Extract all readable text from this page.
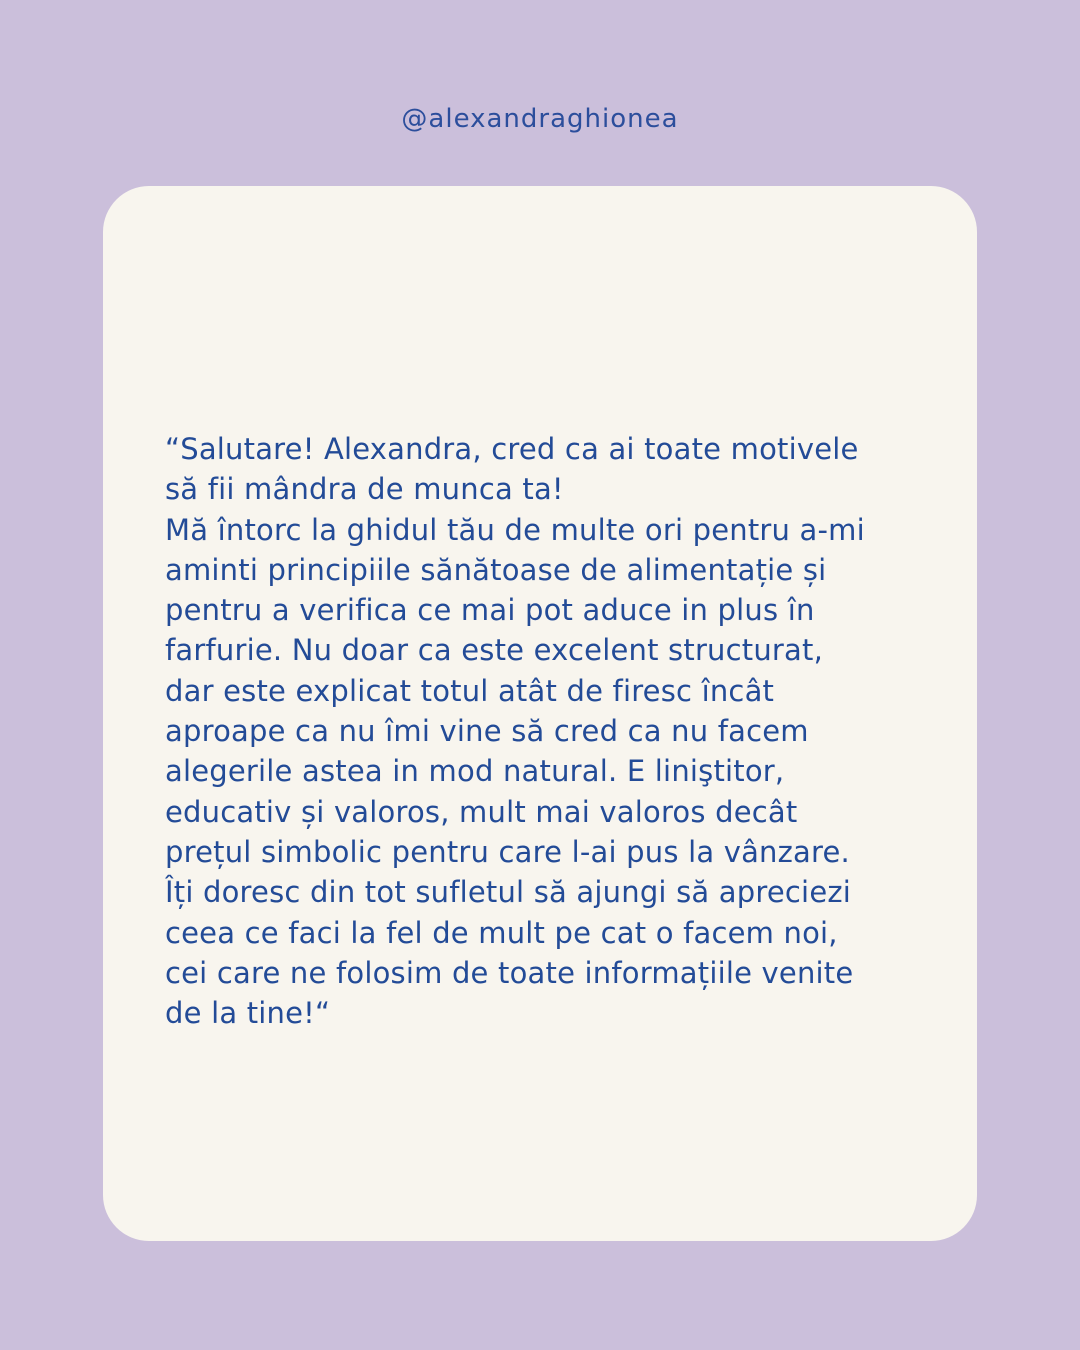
@alexandraghionea

“Salutare! Alexandra, cred ca ai toate motivele
să fii mândra de munca ta!
Mă întorc la ghidul tău de multe ori pentru a-mi
aminti principiile sănătoase de alimentație și
pentru a verifica ce mai pot aduce in plus în
farfurie. Nu doar ca este excelent structurat,
dar este explicat totul atât de firesc încât
aproape ca nu îmi vine să cred ca nu facem
alegerile astea in mod natural. E liniştitor,
educativ și valoros, mult mai valoros decât
prețul simbolic pentru care l-ai pus la vânzare.
Îți doresc din tot sufletul să ajungi să apreciezi
ceea ce faci la fel de mult pe cat o facem noi,
cei care ne folosim de toate informațiile venite
de la tine!“
